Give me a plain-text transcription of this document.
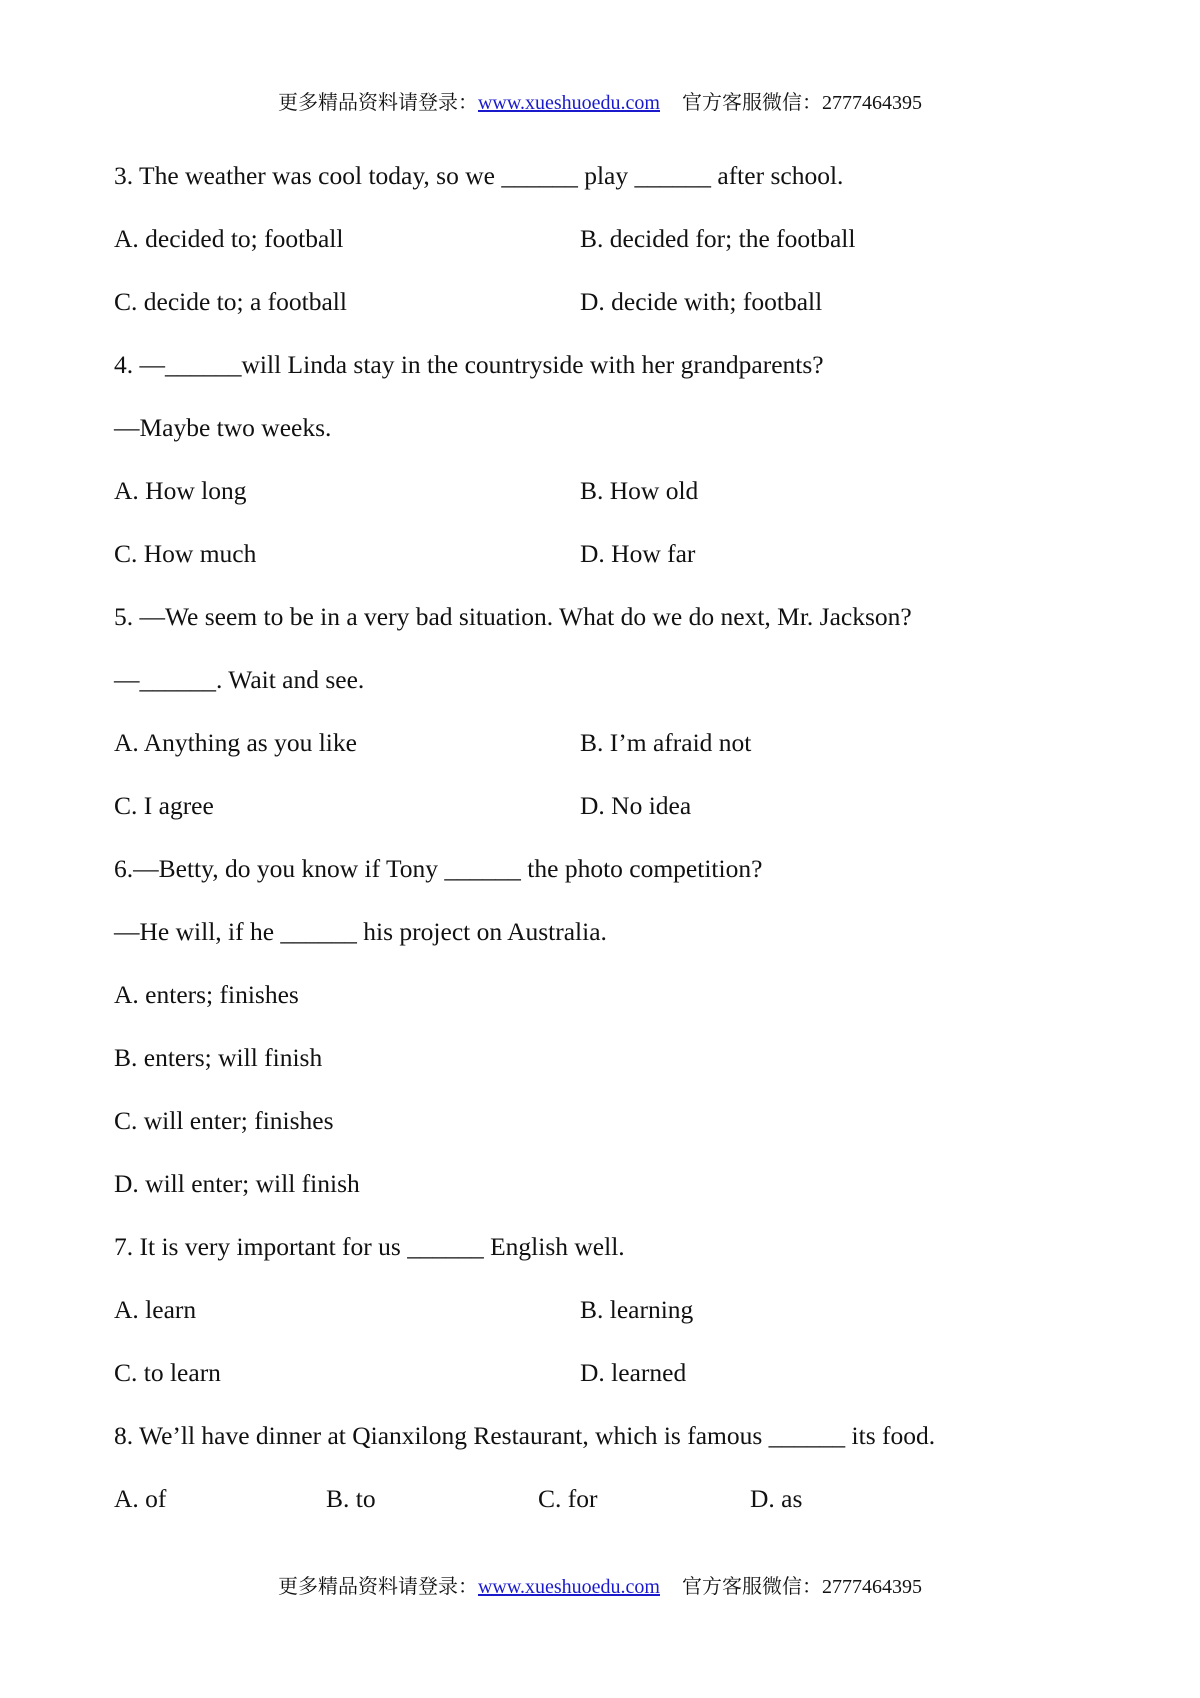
更多精品资料请登录：www.xueshuoedu.com 官方客服微信：2777464395
3. The weather was cool today, so we ______ play ______ after school.
A. decided to; football	B. decided for; the football
C. decide to; a football	D. decide with; football
4. —______will Linda stay in the countryside with her grandparents?
—Maybe two weeks.
A. How long	B. How old
C. How much	D. How far
5. —We seem to be in a very bad situation. What do we do next, Mr. Jackson?
—______. Wait and see.
A. Anything as you like	B. I’m afraid not
C. I agree	D. No idea
6.—Betty, do you know if Tony ______ the photo competition?
—He will, if he ______ his project on Australia.
A. enters; finishes
B. enters; will finish
C. will enter; finishes
D. will enter; will finish
7. It is very important for us ______ English well.
A. learn	B. learning
C. to learn	D. learned
8. We’ll have dinner at Qianxilong Restaurant, which is famous ______ its food.
A. of	B. to	C. for	D. as
更多精品资料请登录：www.xueshuoedu.com 官方客服微信：2777464395
